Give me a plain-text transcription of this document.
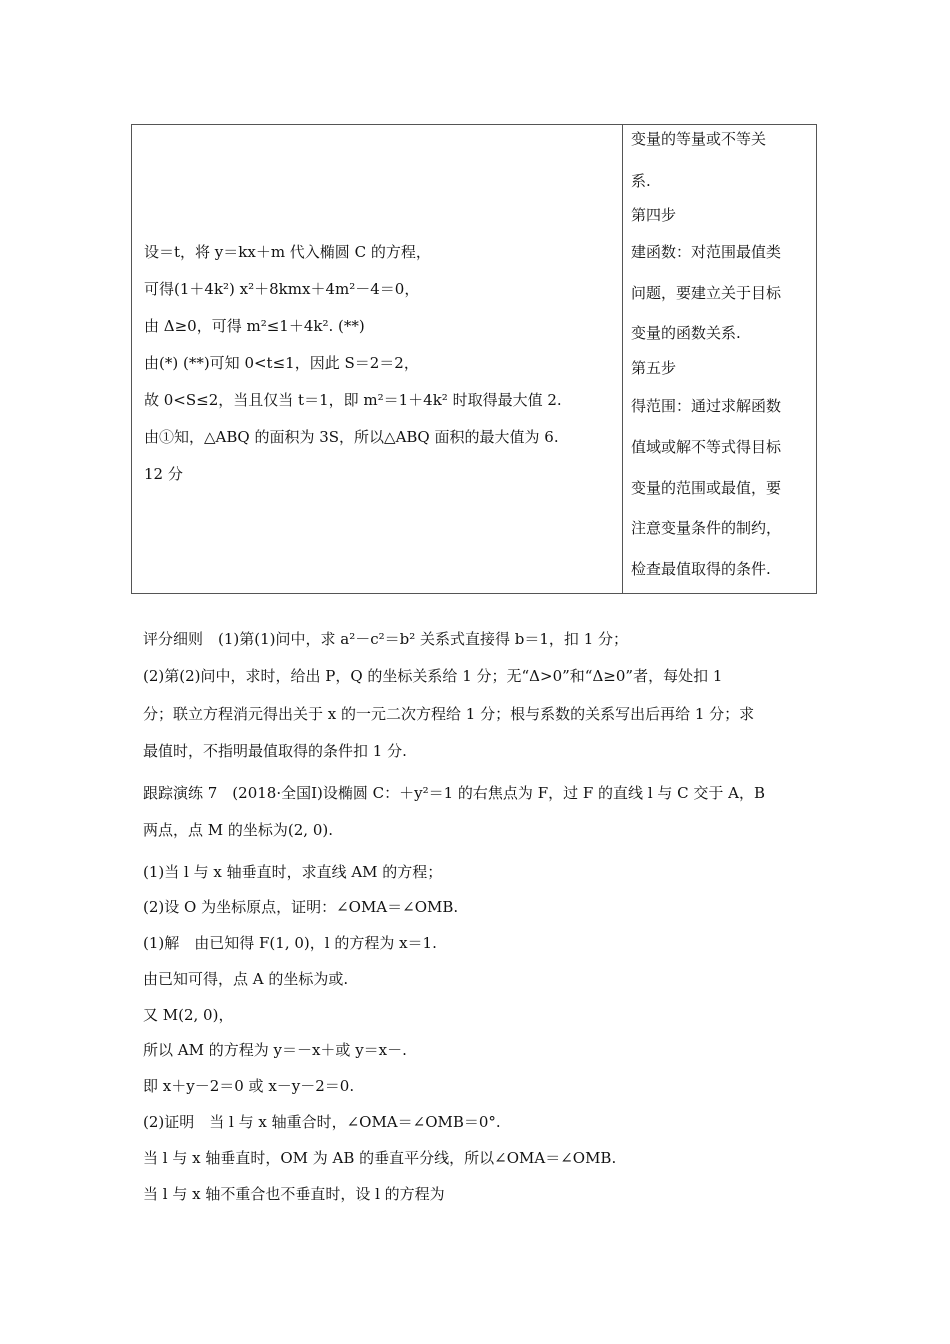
设＝t，将 y＝kx＋m 代入椭圆 C 的方程，
可得(1＋4k²) x²＋8kmx＋4m²－4＝0，
由 Δ≥0，可得 m²≤1＋4k². (**)
由(*) (**)可知 0<t≤1，因此 S＝2＝2，
故 0<S≤2，当且仅当 t＝1，即 m²＝1＋4k² 时取得最大值 2.
由①知，△ABQ 的面积为 3S，所以△ABQ 面积的最大值为 6.
12 分
变量的等量或不等关
系.
第四步
建函数：对范围最值类
问题，要建立关于目标
变量的函数关系.
第五步
得范围：通过求解函数
值域或解不等式得目标
变量的范围或最值，要
注意变量条件的制约，
检查最值取得的条件.
评分细则　(1)第(1)问中，求 a²－c²＝b² 关系式直接得 b＝1，扣 1 分；
(2)第(2)问中，求时，给出 P，Q 的坐标关系给 1 分；无“Δ>0”和“Δ≥0”者，每处扣 1
分；联立方程消元得出关于 x 的一元二次方程给 1 分；根与系数的关系写出后再给 1 分；求
最值时，不指明最值取得的条件扣 1 分.
跟踪演练 7　(2018·全国Ⅰ)设椭圆 C：＋y²＝1 的右焦点为 F，过 F 的直线 l 与 C 交于 A，B
两点，点 M 的坐标为(2, 0).
(1)当 l 与 x 轴垂直时，求直线 AM 的方程；
(2)设 O 为坐标原点，证明：∠OMA＝∠OMB.
(1)解　由已知得 F(1, 0)，l 的方程为 x＝1.
由已知可得，点 A 的坐标为或.
又 M(2, 0)，
所以 AM 的方程为 y＝－x＋或 y＝x－.
即 x＋y－2＝0 或 x－y－2＝0.
(2)证明　当 l 与 x 轴重合时，∠OMA＝∠OMB＝0°.
当 l 与 x 轴垂直时，OM 为 AB 的垂直平分线，所以∠OMA＝∠OMB.
当 l 与 x 轴不重合也不垂直时，设 l 的方程为
